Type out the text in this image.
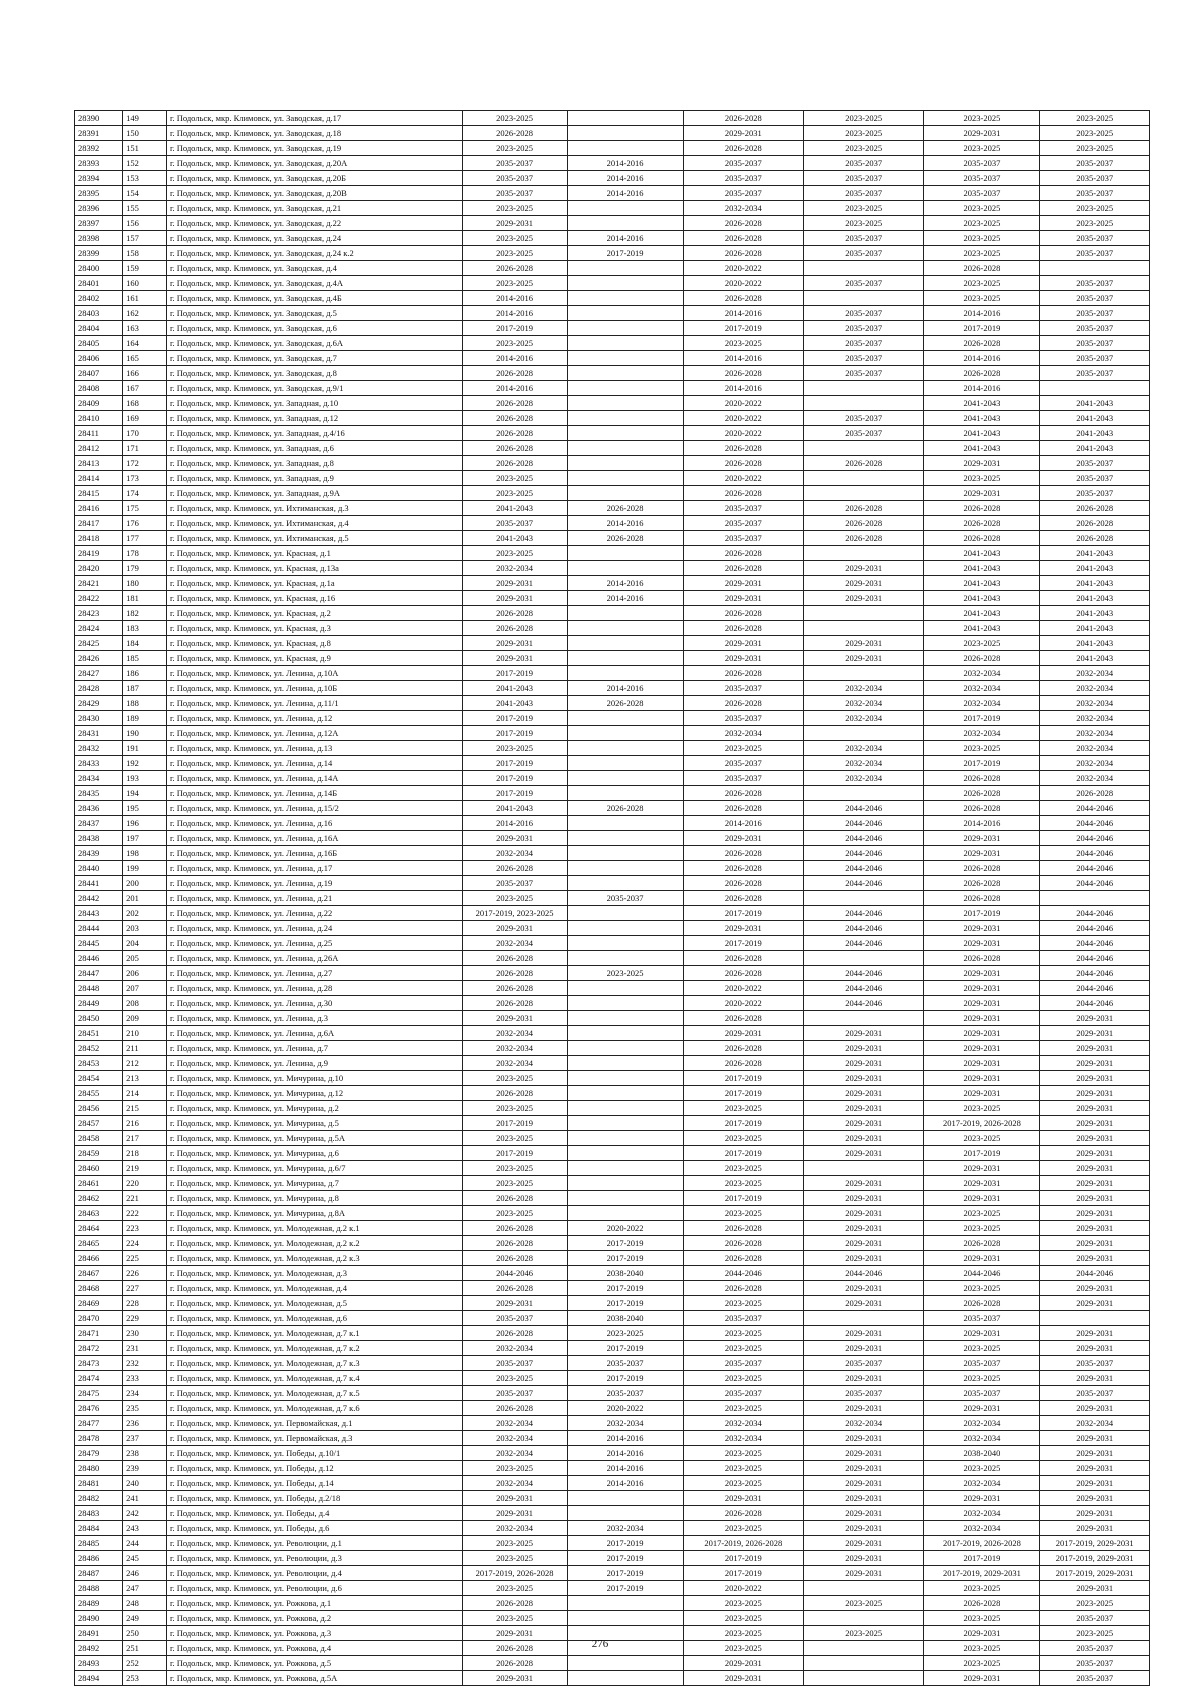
28390	149	г. Подольск, мкр. Климовск, ул. Заводская, д.17	2023-2025		2026-2028	2023-2025	2023-2025	2023-2025
28391	150	г. Подольск, мкр. Климовск, ул. Заводская, д.18	2026-2028		2029-2031	2023-2025	2029-2031	2023-2025
28392	151	г. Подольск, мкр. Климовск, ул. Заводская, д.19	2023-2025		2026-2028	2023-2025	2023-2025	2023-2025
28393	152	г. Подольск, мкр. Климовск, ул. Заводская, д.20А	2035-2037	2014-2016	2035-2037	2035-2037	2035-2037	2035-2037
28394	153	г. Подольск, мкр. Климовск, ул. Заводская, д.20Б	2035-2037	2014-2016	2035-2037	2035-2037	2035-2037	2035-2037
28395	154	г. Подольск, мкр. Климовск, ул. Заводская, д.20В	2035-2037	2014-2016	2035-2037	2035-2037	2035-2037	2035-2037
28396	155	г. Подольск, мкр. Климовск, ул. Заводская, д.21	2023-2025		2032-2034	2023-2025	2023-2025	2023-2025
28397	156	г. Подольск, мкр. Климовск, ул. Заводская, д.22	2029-2031		2026-2028	2023-2025	2023-2025	2023-2025
28398	157	г. Подольск, мкр. Климовск, ул. Заводская, д.24	2023-2025	2014-2016	2026-2028	2035-2037	2023-2025	2035-2037
28399	158	г. Подольск, мкр. Климовск, ул. Заводская, д.24 к.2	2023-2025	2017-2019	2026-2028	2035-2037	2023-2025	2035-2037
28400	159	г. Подольск, мкр. Климовск, ул. Заводская, д.4	2026-2028		2020-2022		2026-2028	
28401	160	г. Подольск, мкр. Климовск, ул. Заводская, д.4А	2023-2025		2020-2022	2035-2037	2023-2025	2035-2037
28402	161	г. Подольск, мкр. Климовск, ул. Заводская, д.4Б	2014-2016		2026-2028		2023-2025	2035-2037
28403	162	г. Подольск, мкр. Климовск, ул. Заводская, д.5	2014-2016		2014-2016	2035-2037	2014-2016	2035-2037
28404	163	г. Подольск, мкр. Климовск, ул. Заводская, д.6	2017-2019		2017-2019	2035-2037	2017-2019	2035-2037
28405	164	г. Подольск, мкр. Климовск, ул. Заводская, д.6А	2023-2025		2023-2025	2035-2037	2026-2028	2035-2037
28406	165	г. Подольск, мкр. Климовск, ул. Заводская, д.7	2014-2016		2014-2016	2035-2037	2014-2016	2035-2037
28407	166	г. Подольск, мкр. Климовск, ул. Заводская, д.8	2026-2028		2026-2028	2035-2037	2026-2028	2035-2037
28408	167	г. Подольск, мкр. Климовск, ул. Заводская, д.9/1	2014-2016		2014-2016		2014-2016	
28409	168	г. Подольск, мкр. Климовск, ул. Западная, д.10	2026-2028		2020-2022		2041-2043	2041-2043
28410	169	г. Подольск, мкр. Климовск, ул. Западная, д.12	2026-2028		2020-2022	2035-2037	2041-2043	2041-2043
28411	170	г. Подольск, мкр. Климовск, ул. Западная, д.4/16	2026-2028		2020-2022	2035-2037	2041-2043	2041-2043
28412	171	г. Подольск, мкр. Климовск, ул. Западная, д.6	2026-2028		2026-2028		2041-2043	2041-2043
28413	172	г. Подольск, мкр. Климовск, ул. Западная, д.8	2026-2028		2026-2028	2026-2028	2029-2031	2035-2037
28414	173	г. Подольск, мкр. Климовск, ул. Западная, д.9	2023-2025		2020-2022		2023-2025	2035-2037
28415	174	г. Подольск, мкр. Климовск, ул. Западная, д.9А	2023-2025		2026-2028		2029-2031	2035-2037
28416	175	г. Подольск, мкр. Климовск, ул. Ихтиманская, д.3	2041-2043	2026-2028	2035-2037	2026-2028	2026-2028	2026-2028
28417	176	г. Подольск, мкр. Климовск, ул. Ихтиманская, д.4	2035-2037	2014-2016	2035-2037	2026-2028	2026-2028	2026-2028
28418	177	г. Подольск, мкр. Климовск, ул. Ихтиманская, д.5	2041-2043	2026-2028	2035-2037	2026-2028	2026-2028	2026-2028
28419	178	г. Подольск, мкр. Климовск, ул. Красная, д.1	2023-2025		2026-2028		2041-2043	2041-2043
28420	179	г. Подольск, мкр. Климовск, ул. Красная, д.13а	2032-2034		2026-2028	2029-2031	2041-2043	2041-2043
28421	180	г. Подольск, мкр. Климовск, ул. Красная, д.1а	2029-2031	2014-2016	2029-2031	2029-2031	2041-2043	2041-2043
28422	181	г. Подольск, мкр. Климовск, ул. Красная, д.16	2029-2031	2014-2016	2029-2031	2029-2031	2041-2043	2041-2043
28423	182	г. Подольск, мкр. Климовск, ул. Красная, д.2	2026-2028		2026-2028		2041-2043	2041-2043
28424	183	г. Подольск, мкр. Климовск, ул. Красная, д.3	2026-2028		2026-2028		2041-2043	2041-2043
28425	184	г. Подольск, мкр. Климовск, ул. Красная, д.8	2029-2031		2029-2031	2029-2031	2023-2025	2041-2043
28426	185	г. Подольск, мкр. Климовск, ул. Красная, д.9	2029-2031		2029-2031	2029-2031	2026-2028	2041-2043
28427	186	г. Подольск, мкр. Климовск, ул. Ленина, д.10А	2017-2019		2026-2028		2032-2034	2032-2034
28428	187	г. Подольск, мкр. Климовск, ул. Ленина, д.10Б	2041-2043	2014-2016	2035-2037	2032-2034	2032-2034	2032-2034
28429	188	г. Подольск, мкр. Климовск, ул. Ленина, д.11/1	2041-2043	2026-2028	2026-2028	2032-2034	2032-2034	2032-2034
28430	189	г. Подольск, мкр. Климовск, ул. Ленина, д.12	2017-2019		2035-2037	2032-2034	2017-2019	2032-2034
28431	190	г. Подольск, мкр. Климовск, ул. Ленина, д.12А	2017-2019		2032-2034		2032-2034	2032-2034
28432	191	г. Подольск, мкр. Климовск, ул. Ленина, д.13	2023-2025		2023-2025	2032-2034	2023-2025	2032-2034
28433	192	г. Подольск, мкр. Климовск, ул. Ленина, д.14	2017-2019		2035-2037	2032-2034	2017-2019	2032-2034
28434	193	г. Подольск, мкр. Климовск, ул. Ленина, д.14А	2017-2019		2035-2037	2032-2034	2026-2028	2032-2034
28435	194	г. Подольск, мкр. Климовск, ул. Ленина, д.14Б	2017-2019		2026-2028		2026-2028	2026-2028
28436	195	г. Подольск, мкр. Климовск, ул. Ленина, д.15/2	2041-2043	2026-2028	2026-2028	2044-2046	2026-2028	2044-2046
28437	196	г. Подольск, мкр. Климовск, ул. Ленина, д.16	2014-2016		2014-2016	2044-2046	2014-2016	2044-2046
28438	197	г. Подольск, мкр. Климовск, ул. Ленина, д.16А	2029-2031		2029-2031	2044-2046	2029-2031	2044-2046
28439	198	г. Подольск, мкр. Климовск, ул. Ленина, д.16Б	2032-2034		2026-2028	2044-2046	2029-2031	2044-2046
28440	199	г. Подольск, мкр. Климовск, ул. Ленина, д.17	2026-2028		2026-2028	2044-2046	2026-2028	2044-2046
28441	200	г. Подольск, мкр. Климовск, ул. Ленина, д.19	2035-2037		2026-2028	2044-2046	2026-2028	2044-2046
28442	201	г. Подольск, мкр. Климовск, ул. Ленина, д.21	2023-2025	2035-2037	2026-2028		2026-2028	
28443	202	г. Подольск, мкр. Климовск, ул. Ленина, д.22	2017-2019, 2023-2025		2017-2019	2044-2046	2017-2019	2044-2046
28444	203	г. Подольск, мкр. Климовск, ул. Ленина, д.24	2029-2031		2029-2031	2044-2046	2029-2031	2044-2046
28445	204	г. Подольск, мкр. Климовск, ул. Ленина, д.25	2032-2034		2017-2019	2044-2046	2029-2031	2044-2046
28446	205	г. Подольск, мкр. Климовск, ул. Ленина, д.26А	2026-2028		2026-2028		2026-2028	2044-2046
28447	206	г. Подольск, мкр. Климовск, ул. Ленина, д.27	2026-2028	2023-2025	2026-2028	2044-2046	2029-2031	2044-2046
28448	207	г. Подольск, мкр. Климовск, ул. Ленина, д.28	2026-2028		2020-2022	2044-2046	2029-2031	2044-2046
28449	208	г. Подольск, мкр. Климовск, ул. Ленина, д.30	2026-2028		2020-2022	2044-2046	2029-2031	2044-2046
28450	209	г. Подольск, мкр. Климовск, ул. Ленина, д.3	2029-2031		2026-2028		2029-2031	2029-2031
28451	210	г. Подольск, мкр. Климовск, ул. Ленина, д.6А	2032-2034		2029-2031	2029-2031	2029-2031	2029-2031
28452	211	г. Подольск, мкр. Климовск, ул. Ленина, д.7	2032-2034		2026-2028	2029-2031	2029-2031	2029-2031
28453	212	г. Подольск, мкр. Климовск, ул. Ленина, д.9	2032-2034		2026-2028	2029-2031	2029-2031	2029-2031
28454	213	г. Подольск, мкр. Климовск, ул. Мичурина, д.10	2023-2025		2017-2019	2029-2031	2029-2031	2029-2031
28455	214	г. Подольск, мкр. Климовск, ул. Мичурина, д.12	2026-2028		2017-2019	2029-2031	2029-2031	2029-2031
28456	215	г. Подольск, мкр. Климовск, ул. Мичурина, д.2	2023-2025		2023-2025	2029-2031	2023-2025	2029-2031
28457	216	г. Подольск, мкр. Климовск, ул. Мичурина, д.5	2017-2019		2017-2019	2029-2031	2017-2019, 2026-2028	2029-2031
28458	217	г. Подольск, мкр. Климовск, ул. Мичурина, д.5А	2023-2025		2023-2025	2029-2031	2023-2025	2029-2031
28459	218	г. Подольск, мкр. Климовск, ул. Мичурина, д.6	2017-2019		2017-2019	2029-2031	2017-2019	2029-2031
28460	219	г. Подольск, мкр. Климовск, ул. Мичурина, д.6/7	2023-2025		2023-2025		2029-2031	2029-2031
28461	220	г. Подольск, мкр. Климовск, ул. Мичурина, д.7	2023-2025		2023-2025	2029-2031	2029-2031	2029-2031
28462	221	г. Подольск, мкр. Климовск, ул. Мичурина, д.8	2026-2028		2017-2019	2029-2031	2029-2031	2029-2031
28463	222	г. Подольск, мкр. Климовск, ул. Мичурина, д.8А	2023-2025		2023-2025	2029-2031	2023-2025	2029-2031
28464	223	г. Подольск, мкр. Климовск, ул. Молодежная, д.2 к.1	2026-2028	2020-2022	2026-2028	2029-2031	2023-2025	2029-2031
28465	224	г. Подольск, мкр. Климовск, ул. Молодежная, д.2 к.2	2026-2028	2017-2019	2026-2028	2029-2031	2026-2028	2029-2031
28466	225	г. Подольск, мкр. Климовск, ул. Молодежная, д.2 к.3	2026-2028	2017-2019	2026-2028	2029-2031	2029-2031	2029-2031
28467	226	г. Подольск, мкр. Климовск, ул. Молодежная, д.3	2044-2046	2038-2040	2044-2046	2044-2046	2044-2046	2044-2046
28468	227	г. Подольск, мкр. Климовск, ул. Молодежная, д.4	2026-2028	2017-2019	2026-2028	2029-2031	2023-2025	2029-2031
28469	228	г. Подольск, мкр. Климовск, ул. Молодежная, д.5	2029-2031	2017-2019	2023-2025	2029-2031	2026-2028	2029-2031
28470	229	г. Подольск, мкр. Климовск, ул. Молодежная, д.6	2035-2037	2038-2040	2035-2037		2035-2037	
28471	230	г. Подольск, мкр. Климовск, ул. Молодежная, д.7 к.1	2026-2028	2023-2025	2023-2025	2029-2031	2029-2031	2029-2031
28472	231	г. Подольск, мкр. Климовск, ул. Молодежная, д.7 к.2	2032-2034	2017-2019	2023-2025	2029-2031	2023-2025	2029-2031
28473	232	г. Подольск, мкр. Климовск, ул. Молодежная, д.7 к.3	2035-2037	2035-2037	2035-2037	2035-2037	2035-2037	2035-2037
28474	233	г. Подольск, мкр. Климовск, ул. Молодежная, д.7 к.4	2023-2025	2017-2019	2023-2025	2029-2031	2023-2025	2029-2031
28475	234	г. Подольск, мкр. Климовск, ул. Молодежная, д.7 к.5	2035-2037	2035-2037	2035-2037	2035-2037	2035-2037	2035-2037
28476	235	г. Подольск, мкр. Климовск, ул. Молодежная, д.7 к.6	2026-2028	2020-2022	2023-2025	2029-2031	2029-2031	2029-2031
28477	236	г. Подольск, мкр. Климовск, ул. Первомайская, д.1	2032-2034	2032-2034	2032-2034	2032-2034	2032-2034	2032-2034
28478	237	г. Подольск, мкр. Климовск, ул. Первомайская, д.3	2032-2034	2014-2016	2032-2034	2029-2031	2032-2034	2029-2031
28479	238	г. Подольск, мкр. Климовск, ул. Победы, д.10/1	2032-2034	2014-2016	2023-2025	2029-2031	2038-2040	2029-2031
28480	239	г. Подольск, мкр. Климовск, ул. Победы, д.12	2023-2025	2014-2016	2023-2025	2029-2031	2023-2025	2029-2031
28481	240	г. Подольск, мкр. Климовск, ул. Победы, д.14	2032-2034	2014-2016	2023-2025	2029-2031	2032-2034	2029-2031
28482	241	г. Подольск, мкр. Климовск, ул. Победы, д.2/18	2029-2031		2029-2031	2029-2031	2029-2031	2029-2031
28483	242	г. Подольск, мкр. Климовск, ул. Победы, д.4	2029-2031		2026-2028	2029-2031	2032-2034	2029-2031
28484	243	г. Подольск, мкр. Климовск, ул. Победы, д.6	2032-2034	2032-2034	2023-2025	2029-2031	2032-2034	2029-2031
28485	244	г. Подольск, мкр. Климовск, ул. Революции, д.1	2023-2025	2017-2019	2017-2019, 2026-2028	2029-2031	2017-2019, 2026-2028	2017-2019, 2029-2031
28486	245	г. Подольск, мкр. Климовск, ул. Революции, д.3	2023-2025	2017-2019	2017-2019	2029-2031	2017-2019	2017-2019, 2029-2031
28487	246	г. Подольск, мкр. Климовск, ул. Революции, д.4	2017-2019, 2026-2028	2017-2019	2017-2019	2029-2031	2017-2019, 2029-2031	2017-2019, 2029-2031
28488	247	г. Подольск, мкр. Климовск, ул. Революции, д.6	2023-2025	2017-2019	2020-2022		2023-2025	2029-2031
28489	248	г. Подольск, мкр. Климовск, ул. Рожкова, д.1	2026-2028		2023-2025	2023-2025	2026-2028	2023-2025
28490	249	г. Подольск, мкр. Климовск, ул. Рожкова, д.2	2023-2025		2023-2025		2023-2025	2035-2037
28491	250	г. Подольск, мкр. Климовск, ул. Рожкова, д.3	2029-2031		2023-2025	2023-2025	2029-2031	2023-2025
28492	251	г. Подольск, мкр. Климовск, ул. Рожкова, д.4	2026-2028		2023-2025		2023-2025	2035-2037
28493	252	г. Подольск, мкр. Климовск, ул. Рожкова, д.5	2026-2028		2029-2031		2023-2025	2035-2037
28494	253	г. Подольск, мкр. Климовск, ул. Рожкова, д.5А	2029-2031		2029-2031		2029-2031	2035-2037
276
